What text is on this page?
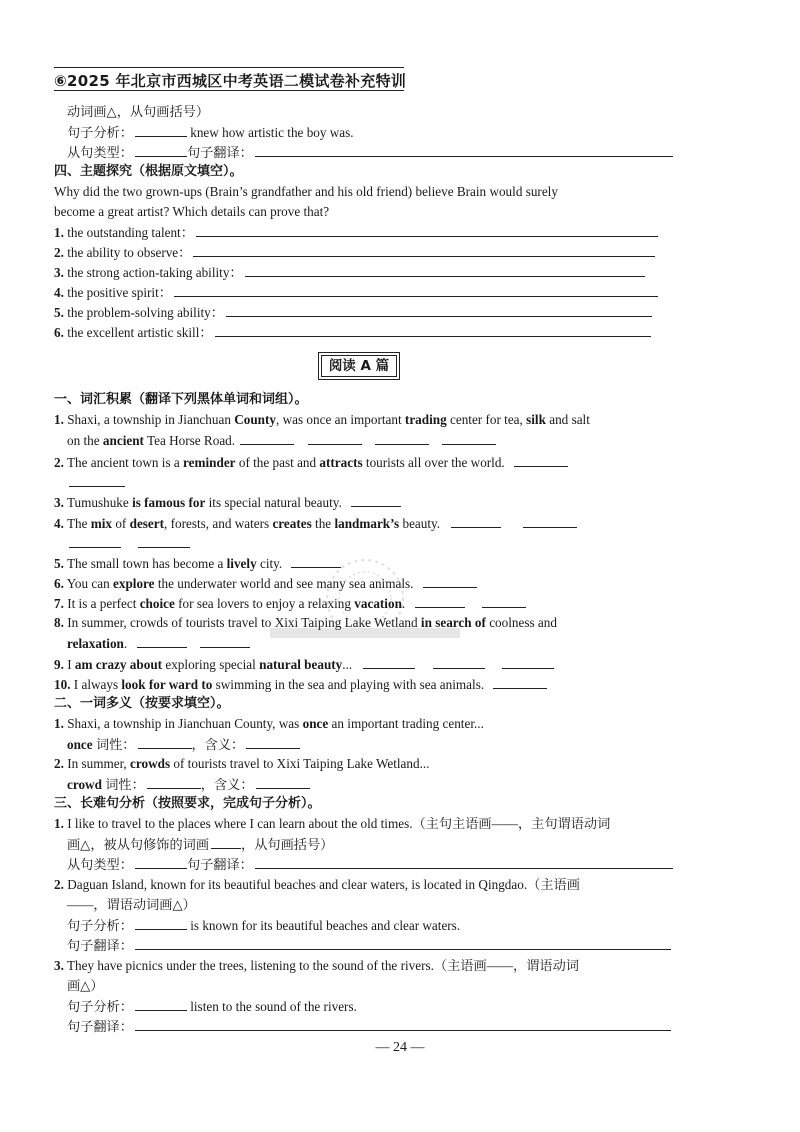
⑥2025 年北京市西城区中考英语二模试卷补充特训
动词画△，从句画括号）
句子分析：	knew how artistic the boy was.
从句类型：	句子翻译：
四、主题探究（根据原文填空）。
Why did the two grown-ups (Brain’s grandfather and his old friend) believe Brain would surely
become a great artist? Which details can prove that?
1. the outstanding talent：
2. the ability to observe：
3. the strong action-taking ability：
4. the positive spirit：
5. the problem-solving ability：
6. the excellent artistic skill：
阅读 A 篇
一、词汇积累（翻译下列黑体单词和词组）。
1. Shaxi, a township in Jianchuan County, was once an important trading center for tea, silk and salt
on the ancient Tea Horse Road.
2. The ancient town is a reminder of the past and attracts tourists all over the world.
3. Tumushuke is famous for its special natural beauty.
4. The mix of desert, forests, and waters creates the landmark’s beauty.

5. The small town has become a lively city.
6. You can explore the underwater world and see many sea animals.
7. It is a perfect choice for sea lovers to enjoy a relaxing vacation.
8. In summer, crowds of tourists travel to Xixi Taiping Lake Wetland in search of coolness and
relaxation.
9. I am crazy about exploring special natural beauty...
10. I always look for ward to swimming in the sea and playing with sea animals.
二、一词多义（按要求填空）。
1. Shaxi, a township in Jianchuan County, was once an important trading center...
once 词性：	，含义：
2. In summer, crowds of tourists travel to Xixi Taiping Lake Wetland...
crowd 词性：	，含义：
三、长难句分析（按照要求，完成句子分析）。
1. I like to travel to the places where I can learn about the old times.（主句主语画——，主句谓语动词
画△，被从句修饰的词画 ，从句画括号）
从句类型：	句子翻译：
2. Daguan Island, known for its beautiful beaches and clear waters, is located in Qingdao.（主语画
——，谓语动词画△）
句子分析：	is known for its beautiful beaches and clear waters.
句子翻译：
3. They have picnics under the trees, listening to the sound of the rivers.（主语画——，谓语动词
画△）
句子分析：	listen to the sound of the rivers.
句子翻译：
— 24 —
